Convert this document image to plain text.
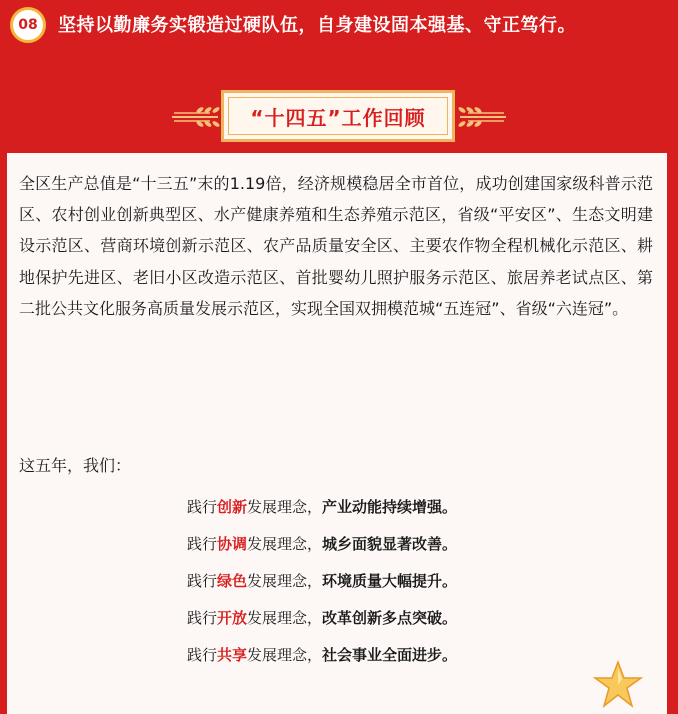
08 坚持以勤廉务实锻造过硬队伍，自身建设固本强基、守正笃行。
“十四五”工作回顾

全区生产总值是“十三五”末的1.19倍，经济规模稳居全市首位，成功创建国家级科普示范区、农村创业创新典型区、水产健康养殖和生态养殖示范区，省级“平安区”、生态文明建设示范区、营商环境创新示范区、农产品质量安全区、主要农作物全程机械化示范区、耕地保护先进区、老旧小区改造示范区、首批婴幼儿照护服务示范区、旅居养老试点区、第二批公共文化服务高质量发展示范区，实现全国双拥模范城“五连冠”、省级“六连冠”。

这五年，我们：

践行创新发展理念，产业动能持续增强。
践行协调发展理念，城乡面貌显著改善。
践行绿色发展理念，环境质量大幅提升。
践行开放发展理念，改革创新多点突破。
践行共享发展理念，社会事业全面进步。
